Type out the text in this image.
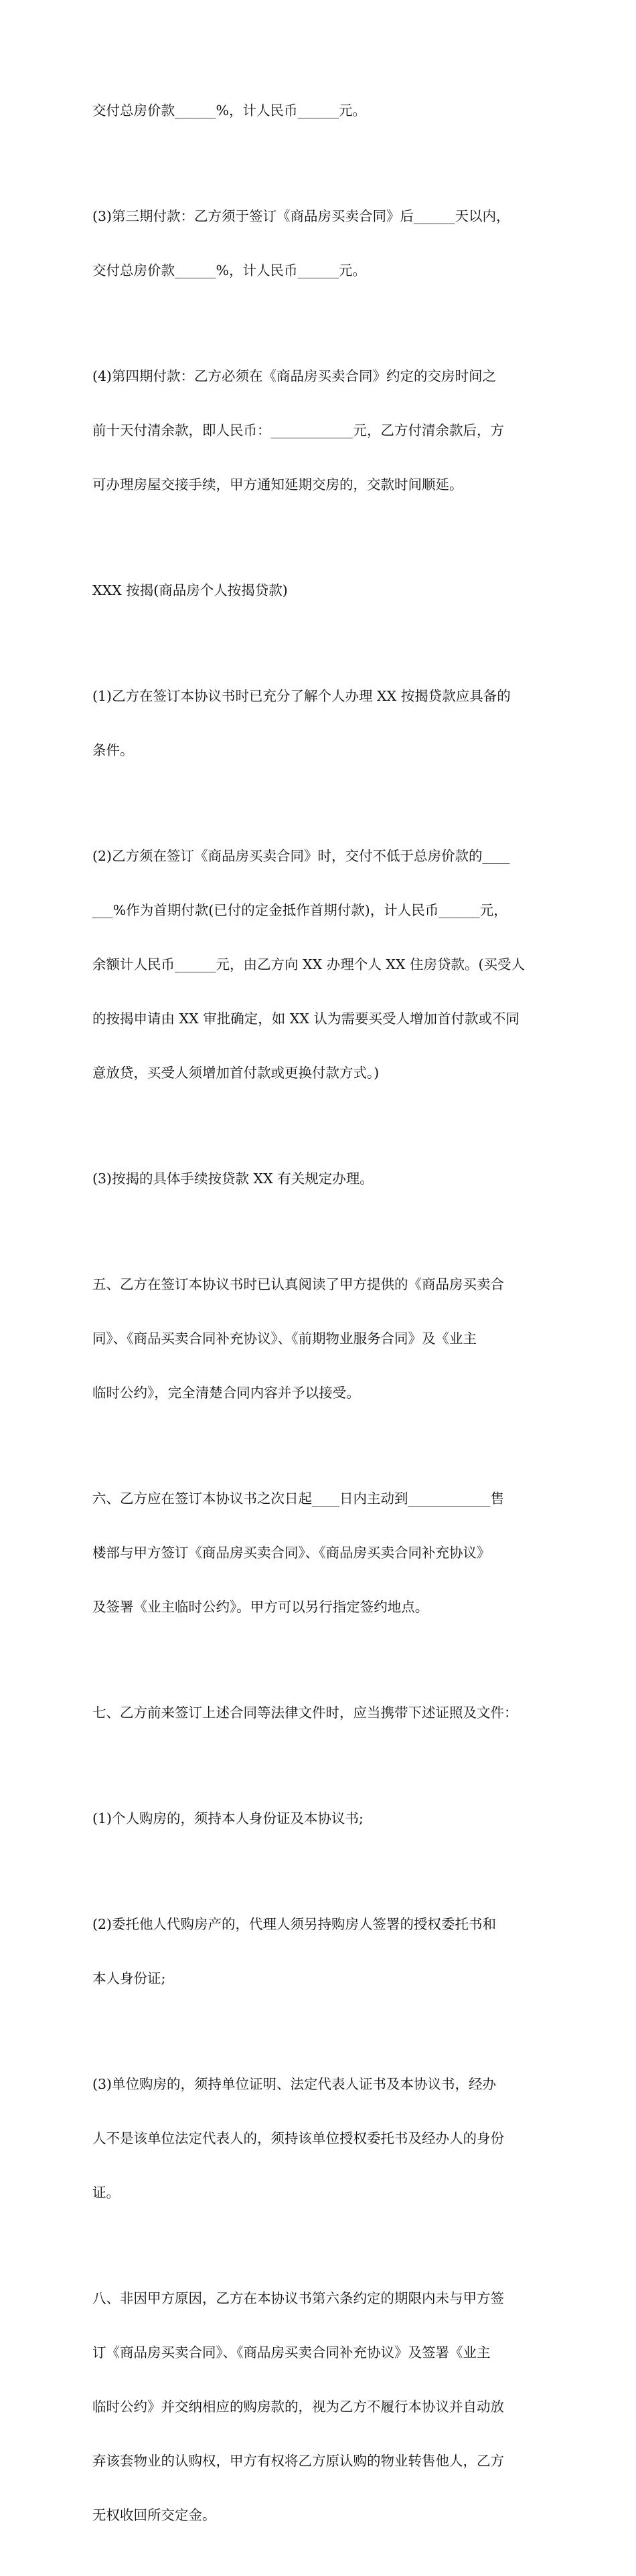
交付总房价款______%，计人民币______元。

(3)第三期付款：乙方须于签订《商品房买卖合同》后______天以内，

交付总房价款______%，计人民币______元。

(4)第四期付款：乙方必须在《商品房买卖合同》约定的交房时间之

前十天付清余款，即人民币：____________元，乙方付清余款后，方

可办理房屋交接手续，甲方通知延期交房的，交款时间顺延。

XXX 按揭(商品房个人按揭贷款)

(1)乙方在签订本协议书时已充分了解个人办理 XX 按揭贷款应具备的

条件。

(2)乙方须在签订《商品房买卖合同》时，交付不低于总房价款的____

___%作为首期付款(已付的定金抵作首期付款)，计人民币______元，

余额计人民币______元，由乙方向 XX 办理个人 XX 住房贷款。(买受人

的按揭申请由 XX 审批确定，如 XX 认为需要买受人增加首付款或不同

意放贷，买受人须增加首付款或更换付款方式。)

(3)按揭的具体手续按贷款 XX 有关规定办理。

五、乙方在签订本协议书时已认真阅读了甲方提供的《商品房买卖合

同》、《商品买卖合同补充协议》、《前期物业服务合同》及《业主

临时公约》，完全清楚合同内容并予以接受。

六、乙方应在签订本协议书之次日起____日内主动到____________售

楼部与甲方签订《商品房买卖合同》、《商品房买卖合同补充协议》

及签署《业主临时公约》。甲方可以另行指定签约地点。

七、乙方前来签订上述合同等法律文件时，应当携带下述证照及文件：

(1)个人购房的，须持本人身份证及本协议书;

(2)委托他人代购房产的，代理人须另持购房人签署的授权委托书和

本人身份证;

(3)单位购房的，须持单位证明、法定代表人证书及本协议书，经办

人不是该单位法定代表人的，须持该单位授权委托书及经办人的身份

证。

八、非因甲方原因，乙方在本协议书第六条约定的期限内未与甲方签

订《商品房买卖合同》、《商品房买卖合同补充协议》及签署《业主

临时公约》并交纳相应的购房款的，视为乙方不履行本协议并自动放

弃该套物业的认购权，甲方有权将乙方原认购的物业转售他人，乙方

无权收回所交定金。
